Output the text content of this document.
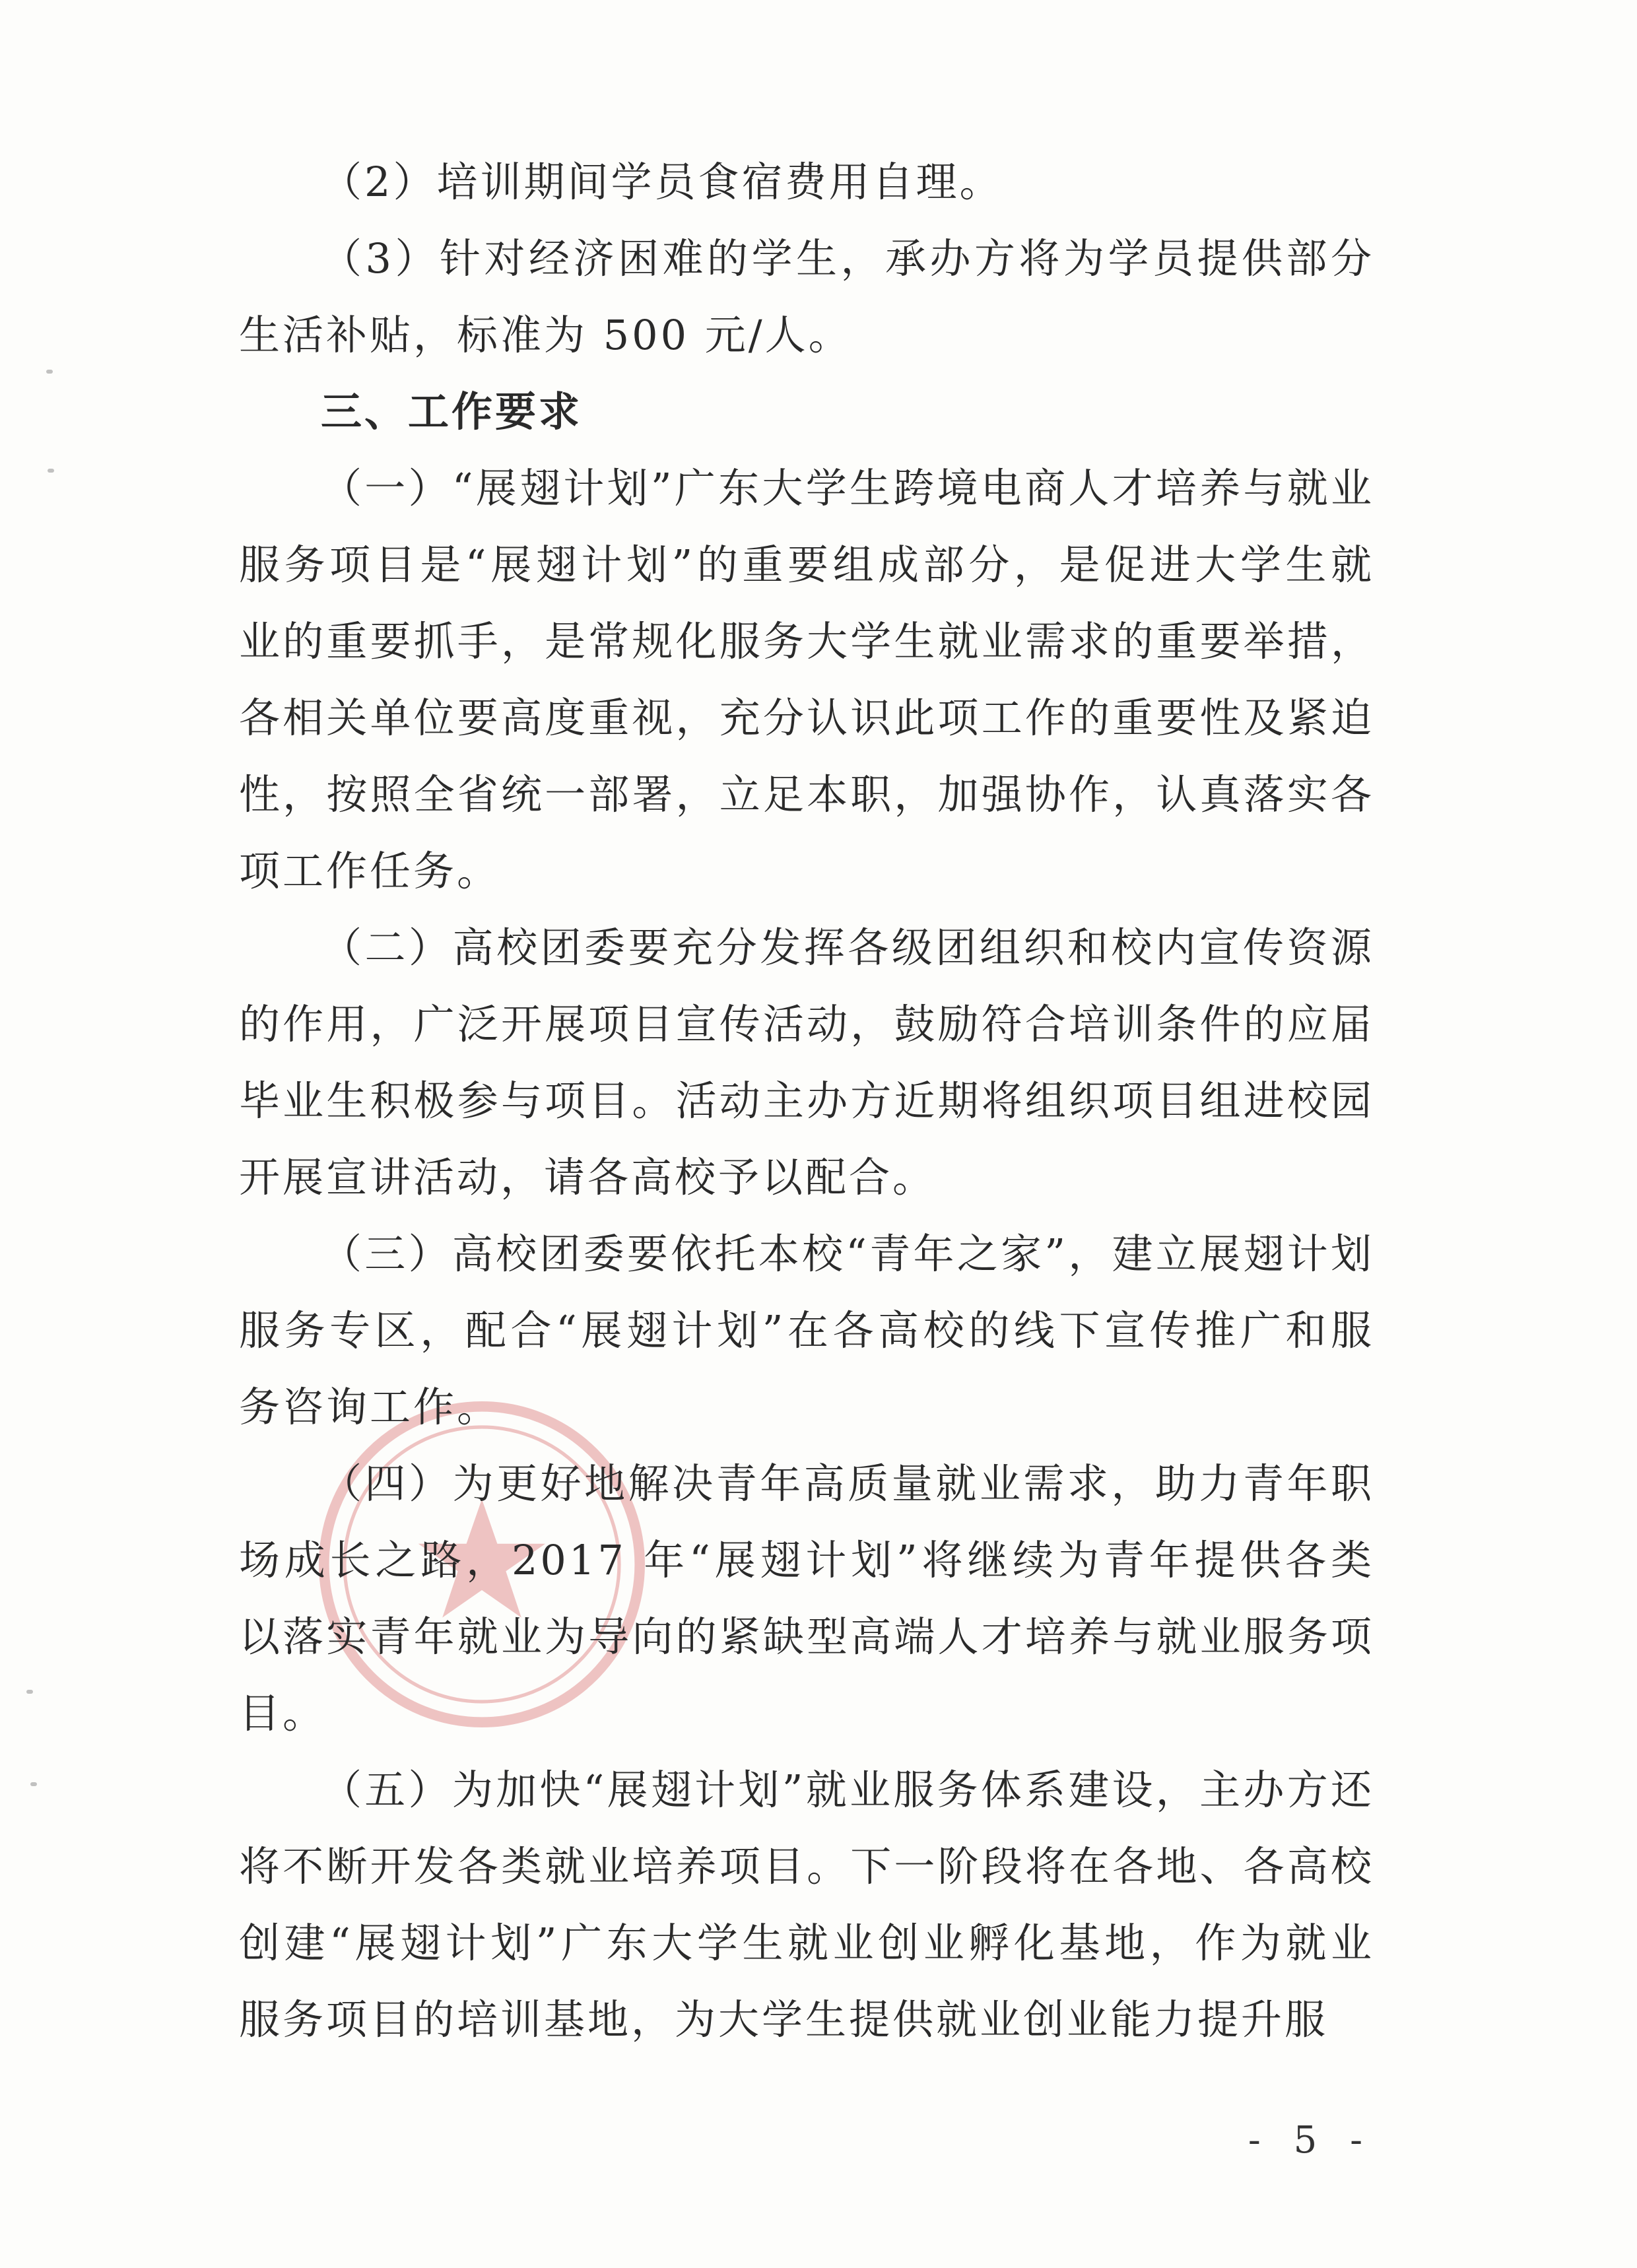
（2）培训期间学员食宿费用自理。

（3）针对经济困难的学生，承办方将为学员提供部分生活补贴，标准为 500 元/人。

三、工作要求

（一）“展翅计划”广东大学生跨境电商人才培养与就业服务项目是“展翅计划”的重要组成部分，是促进大学生就业的重要抓手，是常规化服务大学生就业需求的重要举措，各相关单位要高度重视，充分认识此项工作的重要性及紧迫性，按照全省统一部署，立足本职，加强协作，认真落实各项工作任务。

（二）高校团委要充分发挥各级团组织和校内宣传资源的作用，广泛开展项目宣传活动，鼓励符合培训条件的应届毕业生积极参与项目。活动主办方近期将组织项目组进校园开展宣讲活动，请各高校予以配合。

（三）高校团委要依托本校“青年之家”，建立展翅计划服务专区，配合“展翅计划”在各高校的线下宣传推广和服务咨询工作。

（四）为更好地解决青年高质量就业需求，助力青年职场成长之路，2017 年“展翅计划”将继续为青年提供各类以落实青年就业为导向的紧缺型高端人才培养与就业服务项目。

（五）为加快“展翅计划”就业服务体系建设，主办方还将不断开发各类就业培养项目。下一阶段将在各地、各高校创建“展翅计划”广东大学生就业创业孵化基地，作为就业服务项目的培训基地，为大学生提供就业创业能力提升服

- 5 -
